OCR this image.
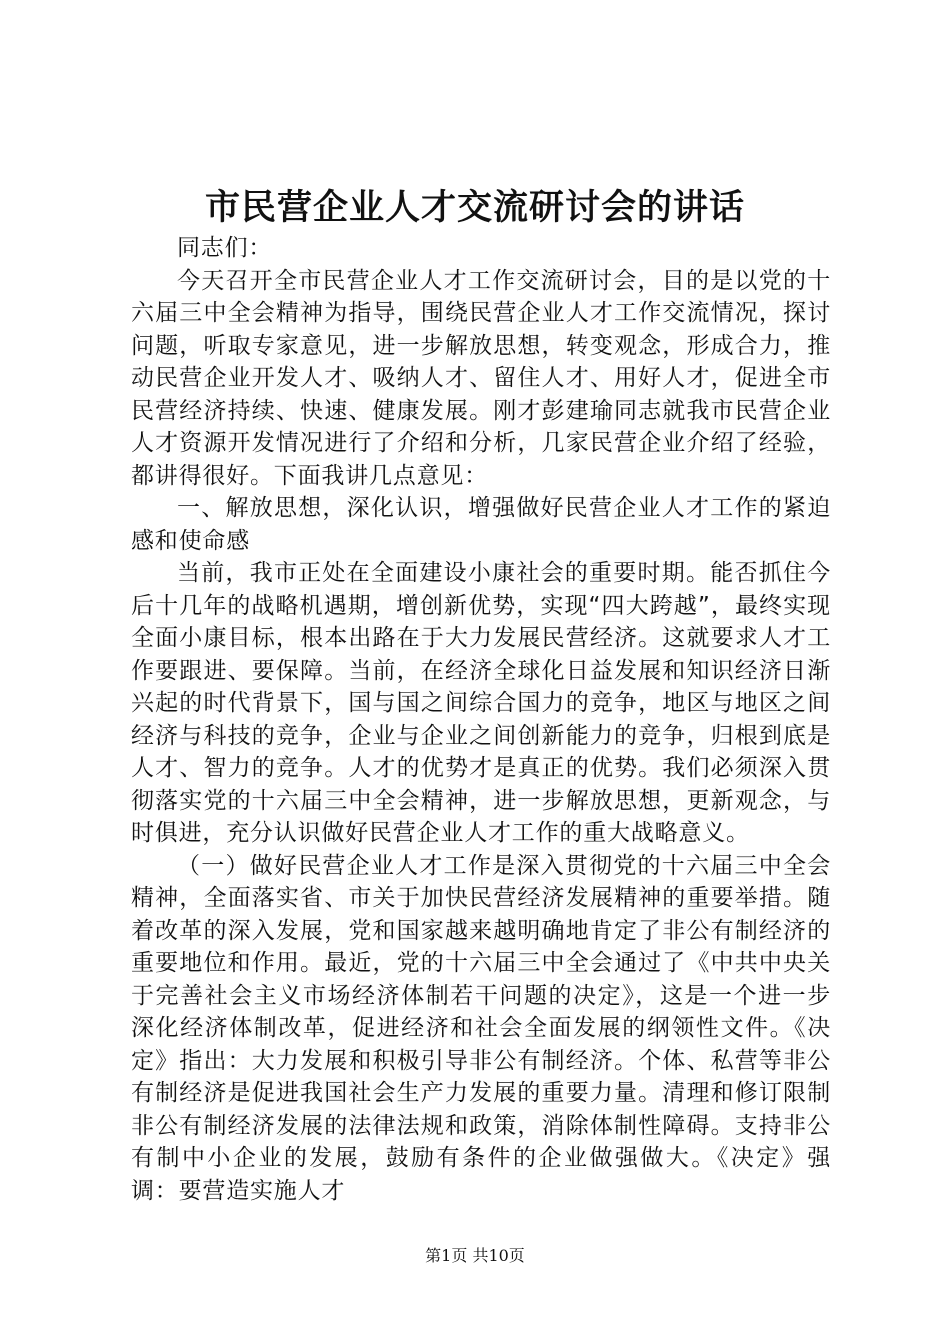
市民营企业人才交流研讨会的讲话

同志们：

今天召开全市民营企业人才工作交流研讨会，目的是以党的十六届三中全会精神为指导，围绕民营企业人才工作交流情况，探讨问题，听取专家意见，进一步解放思想，转变观念，形成合力，推动民营企业开发人才、吸纳人才、留住人才、用好人才，促进全市民营经济持续、快速、健康发展。刚才彭建瑜同志就我市民营企业人才资源开发情况进行了介绍和分析，几家民营企业介绍了经验，都讲得很好。下面我讲几点意见：

一、解放思想，深化认识，增强做好民营企业人才工作的紧迫感和使命感

当前，我市正处在全面建设小康社会的重要时期。能否抓住今后十几年的战略机遇期，增创新优势，实现“四大跨越”，最终实现全面小康目标，根本出路在于大力发展民营经济。这就要求人才工作要跟进、要保障。当前，在经济全球化日益发展和知识经济日渐兴起的时代背景下，国与国之间综合国力的竞争，地区与地区之间经济与科技的竞争，企业与企业之间创新能力的竞争，归根到底是人才、智力的竞争。人才的优势才是真正的优势。我们必须深入贯彻落实党的十六届三中全会精神，进一步解放思想，更新观念，与时俱进，充分认识做好民营企业人才工作的重大战略意义。

（一）做好民营企业人才工作是深入贯彻党的十六届三中全会精神，全面落实省、市关于加快民营经济发展精神的重要举措。随着改革的深入发展，党和国家越来越明确地肯定了非公有制经济的重要地位和作用。最近，党的十六届三中全会通过了《中共中央关于完善社会主义市场经济体制若干问题的决定》，这是一个进一步深化经济体制改革，促进经济和社会全面发展的纲领性文件。《决定》指出：大力发展和积极引导非公有制经济。个体、私营等非公有制经济是促进我国社会生产力发展的重要力量。清理和修订限制非公有制经济发展的法律法规和政策，消除体制性障碍。支持非公有制中小企业的发展，鼓励有条件的企业做强做大。《决定》强调：要营造实施人才

第1页 共10页
